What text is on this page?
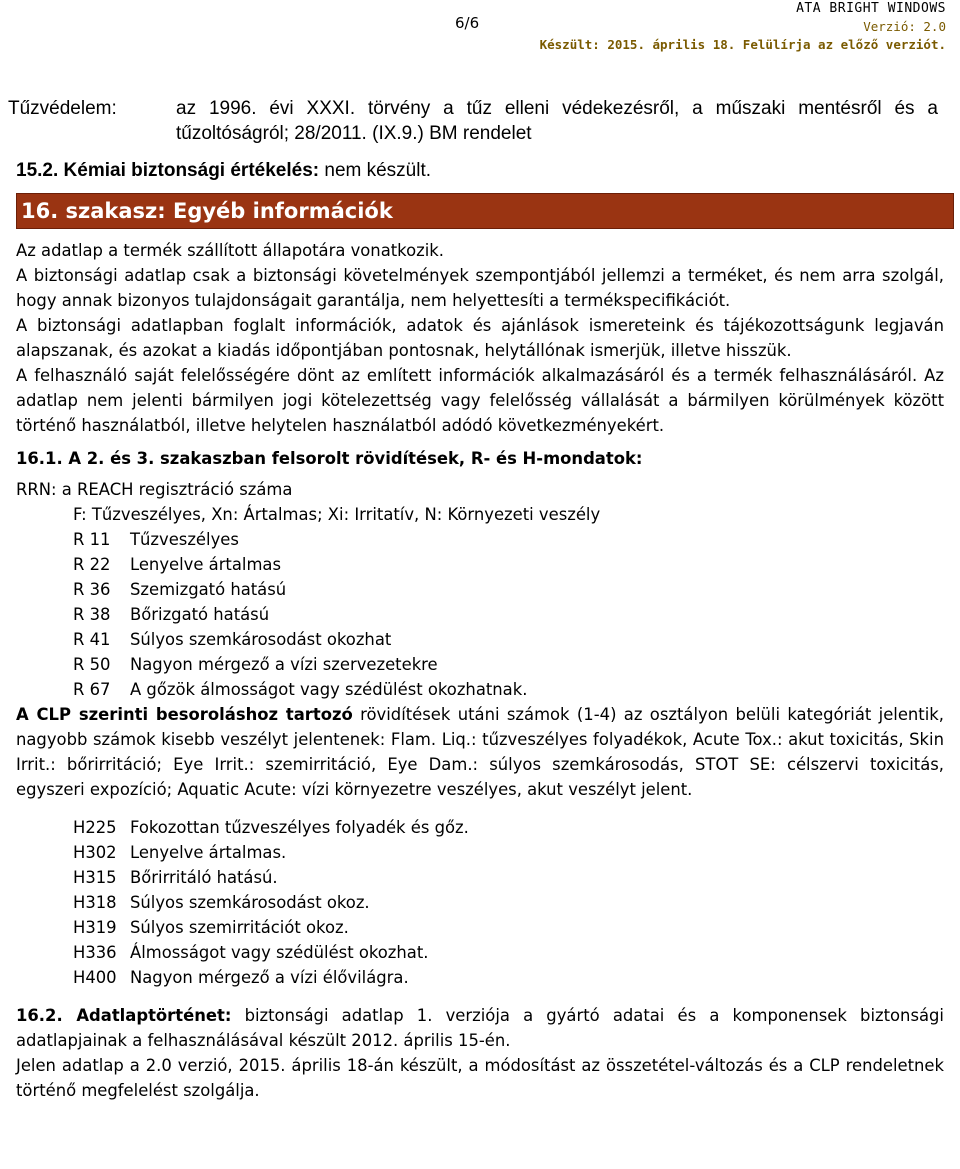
6/6
ATA BRIGHT WINDOWS
Verzió: 2.0
Készült: 2015. április 18. Felülírja az előző verziót.
Tűzvédelem:	az 1996. évi XXXI. törvény a tűz elleni védekezésről, a műszaki mentésről és a tűzoltóságról; 28/2011. (IX.9.) BM rendelet
15.2. Kémiai biztonsági értékelés: nem készült.
16. szakasz: Egyéb információk

Az adatlap a termék szállított állapotára vonatkozik.

A biztonsági adatlap csak a biztonsági követelmények szempontjából jellemzi a terméket, és nem arra szolgál, hogy annak bizonyos tulajdonságait garantálja, nem helyettesíti a termékspecifikációt.

A biztonsági adatlapban foglalt információk, adatok és ajánlások ismereteink és tájékozottságunk legjaván alapszanak, és azokat a kiadás időpontjában pontosnak, helytállónak ismerjük, illetve hisszük.

A felhasználó saját felelősségére dönt az említett információk alkalmazásáról és a termék felhasználásáról. Az adatlap nem jelenti bármilyen jogi kötelezettség vagy felelősség vállalását a bármilyen körülmények között történő használatból, illetve helytelen használatból adódó következményekért.

16.1. A 2. és 3. szakaszban felsorolt rövidítések, R- és H-mondatok:
RRN: a REACH regisztráció száma
F: Tűzveszélyes, Xn: Ártalmas; Xi: Irritatív, N: Környezeti veszély
R 11	Tűzveszélyes
R 22	Lenyelve ártalmas
R 36	Szemizgató hatású
R 38	Bőrizgató hatású
R 41	Súlyos szemkárosodást okozhat
R 50	Nagyon mérgező a vízi szervezetekre
R 67	A gőzök álmosságot vagy szédülést okozhatnak.

A CLP szerinti besoroláshoz tartozó rövidítések utáni számok (1-4) az osztályon belüli kategóriát jelentik, nagyobb számok kisebb veszélyt jelentenek: Flam. Liq.: tűzveszélyes folyadékok, Acute Tox.: akut toxicitás, Skin Irrit.: bőrirritáció; Eye Irrit.: szemirritáció, Eye Dam.: súlyos szemkárosodás, STOT SE: célszervi toxicitás, egyszeri expozíció; Aquatic Acute: vízi környezetre veszélyes, akut veszélyt jelent.

H225 Fokozottan tűzveszélyes folyadék és gőz.
H302 Lenyelve ártalmas.
H315 Bőrirritáló hatású.
H318 Súlyos szemkárosodást okoz.
H319 Súlyos szemirritációt okoz.
H336 Álmosságot vagy szédülést okozhat.
H400 Nagyon mérgező a vízi élővilágra.

16.2. Adatlaptörténet: biztonsági adatlap 1. verziója a gyártó adatai és a komponensek biztonsági adatlapjainak a felhasználásával készült 2012. április 15-én.

Jelen adatlap a 2.0 verzió, 2015. április 18-án készült, a módosítást az összetétel-változás és a CLP rendeletnek történő megfelelést szolgálja.
